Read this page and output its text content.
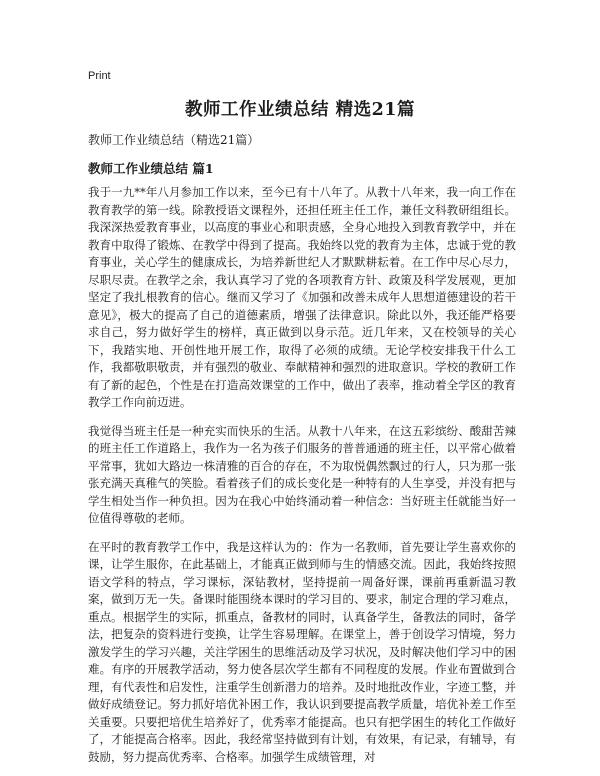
Print
教师工作业绩总结 精选21篇

教师工作业绩总结（精选21篇）

教师工作业绩总结 篇1

我于一九**年八月参加工作以来，至今已有十八年了。从教十八年来，我一向工作在教育教学的第一线。除教授语文课程外，还担任班主任工作，兼任文科教研组组长。我深深热爱教育事业，以高度的事业心和职责感，全身心地投入到教育教学中，并在教育中取得了锻炼、在教学中得到了提高。我始终以党的教育为主体，忠诚于党的教育事业，关心学生的健康成长，为培养新世纪人才默默耕耘着。在工作中尽心尽力，尽职尽责。在教学之余，我认真学习了党的各项教育方针、政策及科学发展观，更加坚定了我扎根教育的信心。继而又学习了《加强和改善未成年人思想道德建设的若干意见》，极大的提高了自己的道德素质，增强了法律意识。除此以外，我还能严格要求自己，努力做好学生的榜样，真正做到以身示范。近几年来，又在校领导的关心下，我踏实地、开创性地开展工作，取得了必须的成绩。无论学校安排我干什么工作，我都敬职敬责，并有强烈的敬业、奉献精神和强烈的进取意识。学校的教研工作有了新的起色，个性是在打造高效课堂的工作中，做出了表率，推动着全学区的教育教学工作向前迈进。

我觉得当班主任是一种充实而快乐的生活。从教十八年来，在这五彩缤纷、酸甜苦辣的班主任工作道路上，我作为一名为孩子们服务的普普通通的班主任，以平常心做着平常事，犹如大路边一株清雅的百合的存在，不为取悦偶然飘过的行人，只为那一张张充满天真稚气的笑脸。看着孩子们的成长变化是一种特有的人生享受，并没有把与学生相处当作一种负担。因为在我心中始终涌动着一种信念：当好班主任就能当好一位值得尊敬的老师。

在平时的教育教学工作中，我是这样认为的：作为一名教师，首先要让学生喜欢你的课，让学生服你，在此基础上，才能真正做到师与生的情感交流。因此，我始终按照语文学科的特点，学习课标，深钻教材，坚持提前一周备好课，课前再重新温习教案，做到万无一失。备课时能围绕本课时的学习目的、要求，制定合理的学习难点，重点。根据学生的实际，抓重点，备教材的同时，认真备学生，备教法的同时，备学法，把复杂的资料进行变换，让学生容易理解。在课堂上，善于创设学习情境，努力激发学生的学习兴趣，关注学困生的思维活动及学习状况，及时解决他们学习中的困难。有序的开展教学活动，努力使各层次学生都有不同程度的发展。作业布置做到合理，有代表性和启发性，注重学生创新潜力的培养。及时地批改作业，字迹工整，并做好成绩登记。努力抓好培优补困工作，我认识到要提高教学质量，培优补差工作至关重要。只要把培优生培养好了，优秀率才能提高。也只有把学困生的转化工作做好了，才能提高合格率。因此，我经常坚持做到有计划，有效果，有记录，有辅导，有鼓励，努力提高优秀率、合格率。加强学生成绩管理，对
